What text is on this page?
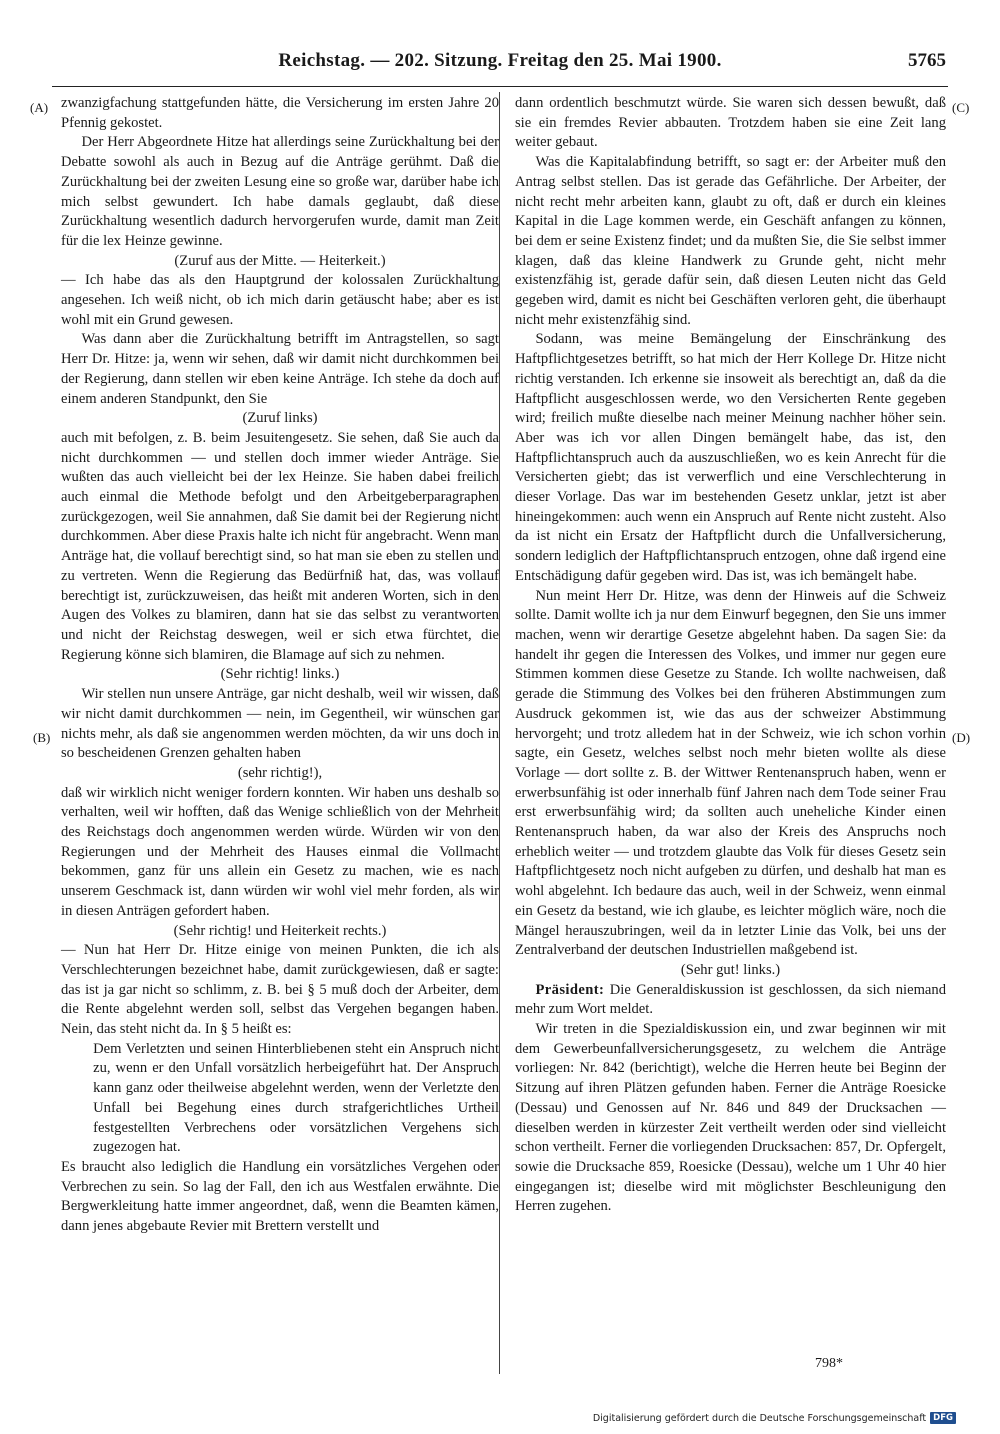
Reichstag. — 202. Sitzung. Freitag den 25. Mai 1900.	5765
(A)
(B)
(C)
(D)

zwanzigfachung stattgefunden hätte, die Versicherung im ersten Jahre 20 Pfennig gekostet.

Der Herr Abgeordnete Hitze hat allerdings seine Zurückhaltung bei der Debatte sowohl als auch in Bezug auf die Anträge gerühmt. Daß die Zurückhaltung bei der zweiten Lesung eine so große war, darüber habe ich mich selbst gewundert. Ich habe damals geglaubt, daß diese Zurückhaltung wesentlich dadurch hervorgerufen wurde, damit man Zeit für die lex Heinze gewinne.

(Zuruf aus der Mitte. — Heiterkeit.)

— Ich habe das als den Hauptgrund der kolossalen Zurückhaltung angesehen. Ich weiß nicht, ob ich mich darin getäuscht habe; aber es ist wohl mit ein Grund gewesen.

Was dann aber die Zurückhaltung betrifft im Antragstellen, so sagt Herr Dr. Hitze: ja, wenn wir sehen, daß wir damit nicht durchkommen bei der Regierung, dann stellen wir eben keine Anträge. Ich stehe da doch auf einem anderen Standpunkt, den Sie

(Zuruf links)

auch mit befolgen, z. B. beim Jesuitengesetz. Sie sehen, daß Sie auch da nicht durchkommen — und stellen doch immer wieder Anträge. Sie wußten das auch vielleicht bei der lex Heinze. Sie haben dabei freilich auch einmal die Methode befolgt und den Arbeitgeberparagraphen zurückgezogen, weil Sie annahmen, daß Sie damit bei der Regierung nicht durchkommen. Aber diese Praxis halte ich nicht für angebracht. Wenn man Anträge hat, die vollauf berechtigt sind, so hat man sie eben zu stellen und zu vertreten. Wenn die Regierung das Bedürfniß hat, das, was vollauf berechtigt ist, zurückzuweisen, das heißt mit anderen Worten, sich in den Augen des Volkes zu blamiren, dann hat sie das selbst zu verantworten und nicht der Reichstag deswegen, weil er sich etwa fürchtet, die Regierung könne sich blamiren, die Blamage auf sich zu nehmen.

(Sehr richtig! links.)

Wir stellen nun unsere Anträge, gar nicht deshalb, weil wir wissen, daß wir nicht damit durchkommen — nein, im Gegentheil, wir wünschen gar nichts mehr, als daß sie angenommen werden möchten, da wir uns doch in so bescheidenen Grenzen gehalten haben

(sehr richtig!),

daß wir wirklich nicht weniger fordern konnten. Wir haben uns deshalb so verhalten, weil wir hofften, daß das Wenige schließlich von der Mehrheit des Reichstags doch angenommen werden würde. Würden wir von den Regierungen und der Mehrheit des Hauses einmal die Vollmacht bekommen, ganz für uns allein ein Gesetz zu machen, wie es nach unserem Geschmack ist, dann würden wir wohl viel mehr forden, als wir in diesen Anträgen gefordert haben.

(Sehr richtig! und Heiterkeit rechts.)

— Nun hat Herr Dr. Hitze einige von meinen Punkten, die ich als Verschlechterungen bezeichnet habe, damit zurückgewiesen, daß er sagte: das ist ja gar nicht so schlimm, z. B. bei § 5 muß doch der Arbeiter, dem die Rente abgelehnt werden soll, selbst das Vergehen begangen haben. Nein, das steht nicht da. In § 5 heißt es:

Dem Verletzten und seinen Hinterbliebenen steht ein Anspruch nicht zu, wenn er den Unfall vorsätzlich herbeigeführt hat. Der Anspruch kann ganz oder theilweise abgelehnt werden, wenn der Verletzte den Unfall bei Begehung eines durch strafgerichtliches Urtheil festgestellten Verbrechens oder vorsätzlichen Vergehens sich zugezogen hat.

Es braucht also lediglich die Handlung ein vorsätzliches Vergehen oder Verbrechen zu sein. So lag der Fall, den ich aus Westfalen erwähnte. Die Bergwerkleitung hatte immer angeordnet, daß, wenn die Beamten kämen, dann jenes abgebaute Revier mit Brettern verstellt und

dann ordentlich beschmutzt würde. Sie waren sich dessen bewußt, daß sie ein fremdes Revier abbauten. Trotzdem haben sie eine Zeit lang weiter gebaut.

Was die Kapitalabfindung betrifft, so sagt er: der Arbeiter muß den Antrag selbst stellen. Das ist gerade das Gefährliche. Der Arbeiter, der nicht recht mehr arbeiten kann, glaubt zu oft, daß er durch ein kleines Kapital in die Lage kommen werde, ein Geschäft anfangen zu können, bei dem er seine Existenz findet; und da mußten Sie, die Sie selbst immer klagen, daß das kleine Handwerk zu Grunde geht, nicht mehr existenzfähig ist, gerade dafür sein, daß diesen Leuten nicht das Geld gegeben wird, damit es nicht bei Geschäften verloren geht, die überhaupt nicht mehr existenzfähig sind.

Sodann, was meine Bemängelung der Einschränkung des Haftpflichtgesetzes betrifft, so hat mich der Herr Kollege Dr. Hitze nicht richtig verstanden. Ich erkenne sie insoweit als berechtigt an, daß da die Haftpflicht ausgeschlossen werde, wo den Versicherten Rente gegeben wird; freilich mußte dieselbe nach meiner Meinung nachher höher sein. Aber was ich vor allen Dingen bemängelt habe, das ist, den Haftpflichtanspruch auch da auszuschließen, wo es kein Anrecht für die Versicherten giebt; das ist verwerflich und eine Verschlechterung in dieser Vorlage. Das war im bestehenden Gesetz unklar, jetzt ist aber hineingekommen: auch wenn ein Anspruch auf Rente nicht zusteht. Also da ist nicht ein Ersatz der Haftpflicht durch die Unfallversicherung, sondern lediglich der Haftpflichtanspruch entzogen, ohne daß irgend eine Entschädigung dafür gegeben wird. Das ist, was ich bemängelt habe.

Nun meint Herr Dr. Hitze, was denn der Hinweis auf die Schweiz sollte. Damit wollte ich ja nur dem Einwurf begegnen, den Sie uns immer machen, wenn wir derartige Gesetze abgelehnt haben. Da sagen Sie: da handelt ihr gegen die Interessen des Volkes, und immer nur gegen eure Stimmen kommen diese Gesetze zu Stande. Ich wollte nachweisen, daß gerade die Stimmung des Volkes bei den früheren Abstimmungen zum Ausdruck gekommen ist, wie das aus der schweizer Abstimmung hervorgeht; und trotz alledem hat in der Schweiz, wie ich schon vorhin sagte, ein Gesetz, welches selbst noch mehr bieten wollte als diese Vorlage — dort sollte z. B. der Wittwer Rentenanspruch haben, wenn er erwerbsunfähig ist oder innerhalb fünf Jahren nach dem Tode seiner Frau erst erwerbsunfähig wird; da sollten auch uneheliche Kinder einen Rentenanspruch haben, da war also der Kreis des Anspruchs noch erheblich weiter — und trotzdem glaubte das Volk für dieses Gesetz sein Haftpflichtgesetz noch nicht aufgeben zu dürfen, und deshalb hat man es wohl abgelehnt. Ich bedaure das auch, weil in der Schweiz, wenn einmal ein Gesetz da bestand, wie ich glaube, es leichter möglich wäre, noch die Mängel herauszubringen, weil da in letzter Linie das Volk, bei uns der Zentralverband der deutschen Industriellen maßgebend ist.

(Sehr gut! links.)

Präsident: Die Generaldiskussion ist geschlossen, da sich niemand mehr zum Wort meldet.

Wir treten in die Spezialdiskussion ein, und zwar beginnen wir mit dem Gewerbeunfallversicherungsgesetz, zu welchem die Anträge vorliegen: Nr. 842 (berichtigt), welche die Herren heute bei Beginn der Sitzung auf ihren Plätzen gefunden haben. Ferner die Anträge Roesicke (Dessau) und Genossen auf Nr. 846 und 849 der Drucksachen — dieselben werden in kürzester Zeit vertheilt werden oder sind vielleicht schon vertheilt. Ferner die vorliegenden Drucksachen: 857, Dr. Opfergelt, sowie die Drucksache 859, Roesicke (Dessau), welche um 1 Uhr 40 hier eingegangen ist; dieselbe wird mit möglichster Beschleunigung den Herren zugehen.

798*
Digitalisierung gefördert durch die Deutsche Forschungsgemeinschaft DFG
